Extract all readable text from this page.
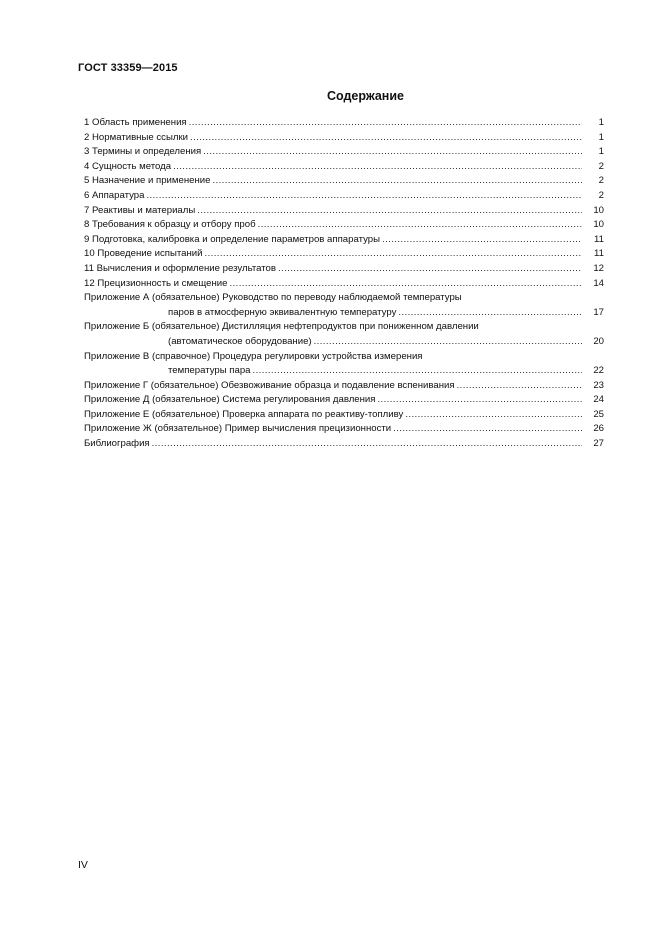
ГОСТ 33359—2015
Содержание
1 Область применения .....	1
2 Нормативные ссылки .....	1
3 Термины и определения .....	1
4 Сущность метода .....	2
5 Назначение и применение .....	2
6 Аппаратура .....	2
7 Реактивы и материалы .....	10
8 Требования к образцу и отбору проб .....	10
9 Подготовка, калибровка и определение параметров аппаратуры .....	11
10 Проведение испытаний .....	11
11 Вычисления и оформление результатов .....	12
12 Прецизионность и смещение .....	14
Приложение А (обязательное) Руководство по переводу наблюдаемой температуры
паров в атмосферную эквивалентную температуру .....	17
Приложение Б (обязательное) Дистилляция нефтепродуктов при пониженном давлении
(автоматическое оборудование) .....	20
Приложение В (справочное) Процедура регулировки устройства измерения
температуры пара .....	22
Приложение Г (обязательное) Обезвоживание образца и подавление вспенивания .....	23
Приложение Д (обязательное) Система регулирования давления .....	24
Приложение Е (обязательное) Проверка аппарата по реактиву-топливу .....	25
Приложение Ж (обязательное) Пример вычисления прецизионности .....	26
Библиография .....	27
IV
